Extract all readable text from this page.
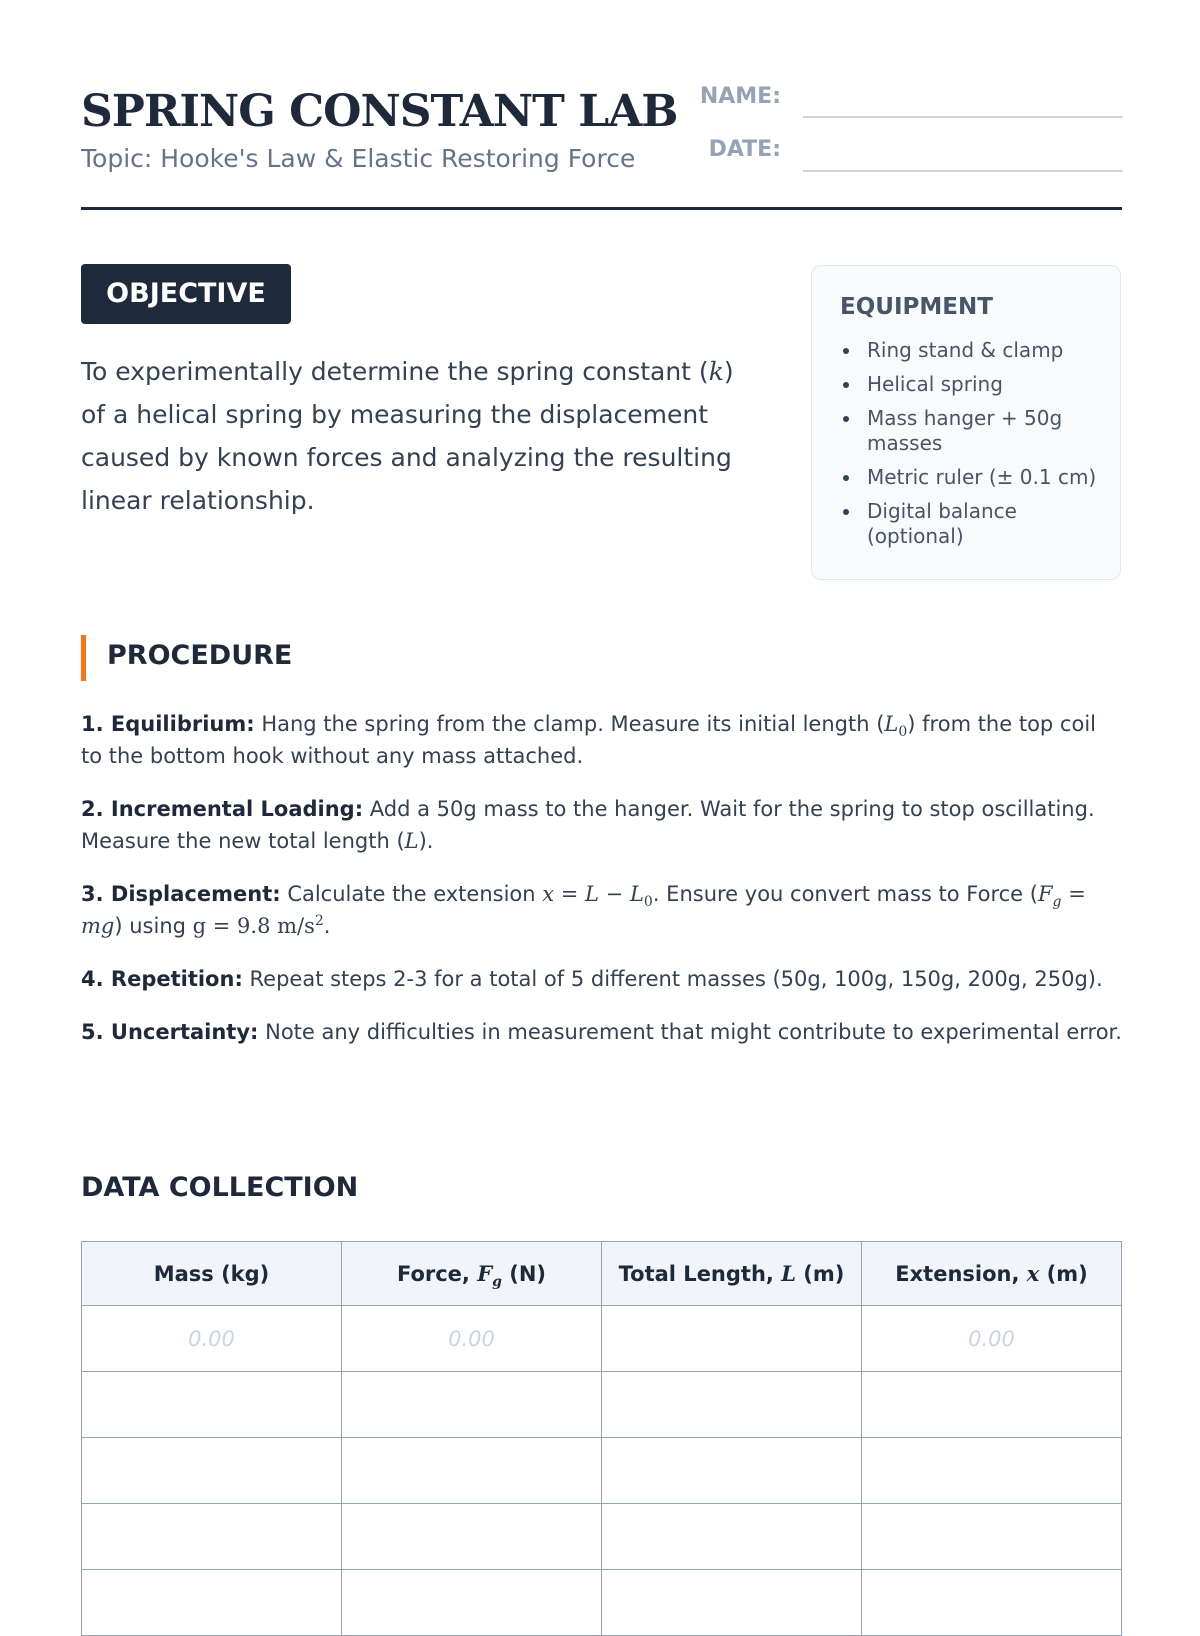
SPRING CONSTANT LAB

Topic: Hooke's Law & Elastic Restoring Force

NAME:
DATE:
OBJECTIVE

To experimentally determine the spring constant (k) of a helical spring by measuring the displacement caused by known forces and analyzing the resulting linear relationship.

EQUIPMENT
Ring stand & clamp
Helical spring
Mass hanger + 50g masses
Metric ruler (± 0.1 cm)
Digital balance (optional)
PROCEDURE

1. Equilibrium: Hang the spring from the clamp. Measure its initial length $(L_0)$ from the top coil to the bottom hook without any mass attached.

2. Incremental Loading: Add a 50g mass to the hanger. Wait for the spring to stop oscillating. Measure the new total length (L).

3. Displacement: Calculate the extension $x = L - L_0$. Ensure you convert mass to Force $(F_g = mg)$ using g = 9.8 $m/s^2$.

4. Repetition: Repeat steps 2-3 for a total of 5 different masses (50g, 100g, 150g, 200g, 250g).

5. Uncertainty: Note any difficulties in measurement that might contribute to experimental error.

DATA COLLECTION
Mass (kg)	Force, $F_g$ (N)	Total Length, L (m)	Extension, x (m)
0.00	0.00		0.00
